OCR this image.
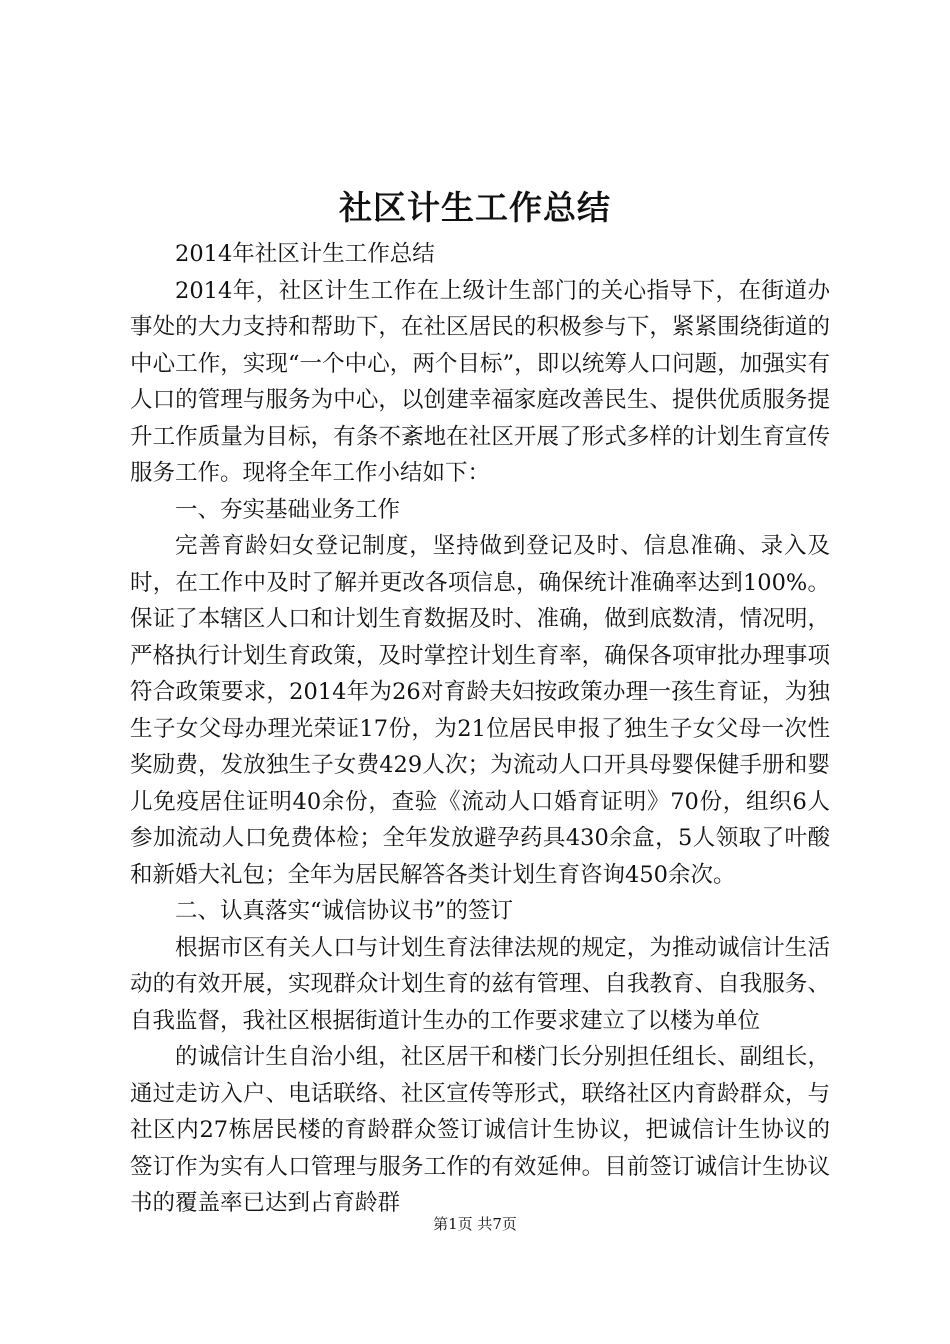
社区计生工作总结

2014年社区计生工作总结

2014年，社区计生工作在上级计生部门的关心指导下，在街道办事处的大力支持和帮助下，在社区居民的积极参与下，紧紧围绕街道的中心工作，实现“一个中心，两个目标”，即以统筹人口问题，加强实有人口的管理与服务为中心，以创建幸福家庭改善民生、提供优质服务提升工作质量为目标，有条不紊地在社区开展了形式多样的计划生育宣传服务工作。现将全年工作小结如下：

一、夯实基础业务工作

完善育龄妇女登记制度，坚持做到登记及时、信息准确、录入及时，在工作中及时了解并更改各项信息，确保统计准确率达到100%。保证了本辖区人口和计划生育数据及时、准确，做到底数清，情况明，严格执行计划生育政策，及时掌控计划生育率，确保各项审批办理事项符合政策要求，2014年为26对育龄夫妇按政策办理一孩生育证，为独生子女父母办理光荣证17份，为21位居民申报了独生子女父母一次性奖励费，发放独生子女费429人次；为流动人口开具母婴保健手册和婴儿免疫居住证明40余份，查验《流动人口婚育证明》70份，组织6人参加流动人口免费体检；全年发放避孕药具430余盒，5人领取了叶酸和新婚大礼包；全年为居民解答各类计划生育咨询450余次。

二、认真落实“诚信协议书”的签订

根据市区有关人口与计划生育法律法规的规定，为推动诚信计生活动的有效开展，实现群众计划生育的兹有管理、自我教育、自我服务、自我监督，我社区根据街道计生办的工作要求建立了以楼为单位

的诚信计生自治小组，社区居干和楼门长分别担任组长、副组长，通过走访入户、电话联络、社区宣传等形式，联络社区内育龄群众，与社区内27栋居民楼的育龄群众签订诚信计生协议，把诚信计生协议的签订作为实有人口管理与服务工作的有效延伸。目前签订诚信计生协议书的覆盖率已达到占育龄群

第1页 共7页
